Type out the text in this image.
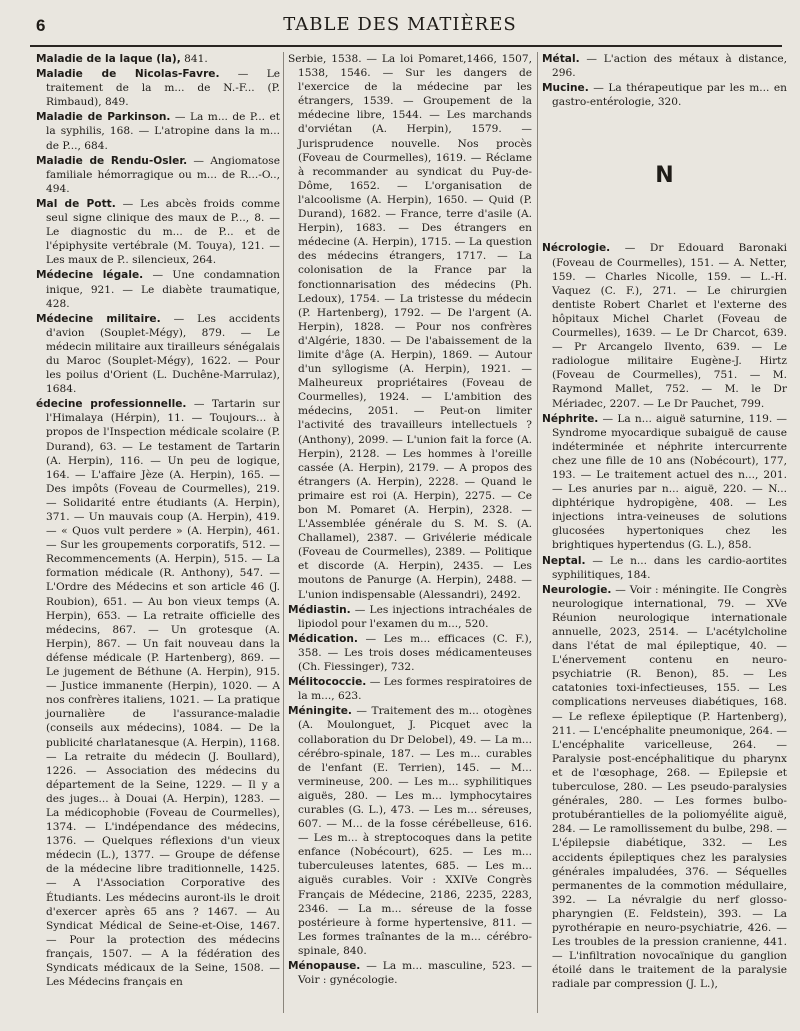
6	TABLE DES MATIÈRES

Maladie de la laque (la), 841.

Maladie de Nicolas-Favre. — Le traitement de la m... de N.-F... (P. Rimbaud), 849.

Maladie de Parkinson. — La m... de P... et la syphilis, 168. — L'atropine dans la m... de P..., 684.

Maladie de Rendu-Osler. — Angiomatose familiale hémorragique ou m... de R...-O.., 494.

Mal de Pott. — Les abcès froids comme seul signe clinique des maux de P..., 8. — Le diagnostic du m... de P... et de l'épiphysite vertébrale (M. Touya), 121. — Les maux de P.. silencieux, 264.

Médecine légale. — Une condamnation inique, 921. — Le diabète traumatique, 428.

Médecine militaire. — Les accidents d'avion (Souplet-Mégy), 879. — Le médecin militaire aux tirailleurs sénégalais du Maroc (Souplet-Mégy), 1622. — Pour les poilus d'Orient (L. Duchêne-Marrulaz), 1684.

édecine professionnelle. — Tartarin sur l'Himalaya (Hérpin), 11. — Toujours... à propos de l'Inspection médicale scolaire (P. Durand), 63. — Le testament de Tartarin (A. Herpin), 116. — Un peu de logique, 164. — L'affaire Jèze (A. Herpin), 165. — Des impôts (Foveau de Courmelles), 219. — Solidarité entre étudiants (A. Herpin), 371. — Un mauvais coup (A. Herpin), 419. — « Quos vult perdere » (A. Herpin), 461. — Sur les groupements corporatifs, 512. — Recommencements (A. Herpin), 515. — La formation médicale (R. Anthony), 547. — L'Ordre des Médecins et son article 46 (J. Roubion), 651. — Au bon vieux temps (A. Herpin), 653. — La retraite officielle des médecins, 867. — Un grotesque (A. Herpin), 867. — Un fait nouveau dans la défense médicale (P. Hartenberg), 869. — Le jugement de Béthune (A. Herpin), 915. — Justice immanente (Herpin), 1020. — A nos confrères italiens, 1021. — La pratique journalière de l'assurance-maladie (conseils aux médecins), 1084. — De la publicité charlatanesque (A. Herpin), 1168. — La retraite du médecin (J. Boullard), 1226. — Association des médecins du département de la Seine, 1229. — Il y a des juges... à Douai (A. Herpin), 1283. — La médicophobie (Foveau de Courmelles), 1374. — L'indépendance des médecins, 1376. — Quelques réflexions d'un vieux médecin (L.), 1377. — Groupe de défense de la médecine libre traditionnelle, 1425. — A l'Association Corporative des Étudiants. Les médecins auront-ils le droit d'exercer après 65 ans ? 1467. — Au Syndicat Médical de Seine-et-Oise, 1467. — Pour la protection des médecins français, 1507. — A la fédération des Syndicats médicaux de la Seine, 1508. — Les Médecins français en

Serbie, 1538. — La loi Pomaret,1466, 1507, 1538, 1546. — Sur les dangers de l'exercice de la médecine par les étrangers, 1539. — Groupement de la médecine libre, 1544. — Les marchands d'orviétan (A. Herpin), 1579. — Jurisprudence nouvelle. Nos procès (Foveau de Courmelles), 1619. — Réclame à recommander au syndicat du Puy-de-Dôme, 1652. — L'organisation de l'alcoolisme (A. Herpin), 1650. — Quid (P. Durand), 1682. — France, terre d'asile (A. Herpin), 1683. — Des étrangers en médecine (A. Herpin), 1715. — La question des médecins étrangers, 1717. — La colonisation de la France par la fonctionnarisation des médecins (Ph. Ledoux), 1754. — La tristesse du médecin (P. Hartenberg), 1792. — De l'argent (A. Herpin), 1828. — Pour nos confrères d'Algérie, 1830. — De l'abaissement de la limite d'âge (A. Herpin), 1869. — Autour d'un syllogisme (A. Herpin), 1921. — Malheureux propriétaires (Foveau de Courmelles), 1924. — L'ambition des médecins, 2051. — Peut-on limiter l'activité des travailleurs intellectuels ? (Anthony), 2099. — L'union fait la force (A. Herpin), 2128. — Les hommes à l'oreille cassée (A. Herpin), 2179. — A propos des étrangers (A. Herpin), 2228. — Quand le primaire est roi (A. Herpin), 2275. — Ce bon M. Pomaret (A. Herpin), 2328. — L'Assemblée générale du S. M. S. (A. Challamel), 2387. — Grivélerie médicale (Foveau de Courmelles), 2389. — Politique et discorde (A. Herpin), 2435. — Les moutons de Panurge (A. Herpin), 2488. — L'union indispensable (Alessandri), 2492.

Médiastin. — Les injections intrachéales de lipiodol pour l'examen du m..., 520.

Médication. — Les m... efficaces (C. F.), 358. — Les trois doses médicamenteuses (Ch. Fiessinger), 732.

Mélitococcie. — Les formes respiratoires de la m..., 623.

Méningite. — Traitement des m... otogènes (A. Moulonguet, J. Picquet avec la collaboration du Dr Delobel), 49. — La m... cérébro-spinale, 187. — Les m... curables de l'enfant (E. Terrien), 145. — M... vermineuse, 200. — Les m... syphilitiques aiguës, 280. — Les m... lymphocytaires curables (G. L.), 473. — Les m... séreuses, 607. — M... de la fosse cérébelleuse, 616. — Les m... à streptocoques dans la petite enfance (Nobécourt), 625. — Les m... tuberculeuses latentes, 685. — Les m... aiguës curables. Voir : XXIVe Congrès Français de Médecine, 2186, 2235, 2283, 2346. — La m... séreuse de la fosse postérieure à forme hypertensive, 811. — Les formes traînantes de la m... cérébro-spinale, 840.

Ménopause. — La m... masculine, 523. — Voir : gynécologie.

Métal. — L'action des métaux à distance, 296.

Mucine. — La thérapeutique par les m... en gastro-entérologie, 320.

N

Nécrologie. — Dr Edouard Baronaki (Foveau de Courmelles), 151. — A. Netter, 159. — Charles Nicolle, 159. — L.-H. Vaquez (C. F.), 271. — Le chirurgien dentiste Robert Charlet et l'externe des hôpitaux Michel Charlet (Foveau de Courmelles), 1639. — Le Dr Charcot, 639. — Pr Arcangelo Ilvento, 639. — Le radiologue militaire Eugène-J. Hirtz (Foveau de Courmelles), 751. — M. Raymond Mallet, 752. — M. le Dr Mériadec, 2207. — Le Dr Pauchet, 799.

Néphrite. — La n... aiguë saturnine, 119. — Syndrome myocardique subaiguë de cause indéterminée et néphrite intercurrente chez une fille de 10 ans (Nobécourt), 177, 193. — Le traitement actuel des n..., 201. — Les anuries par n... aiguë, 220. — N... diphtérique hydropigène, 408. — Les injections intra-veineuses de solutions glucosées hypertoniques chez les brightiques hypertendus (G. L.), 858.

Neptal. — Le n... dans les cardio-aortites syphilitiques, 184.

Neurologie. — Voir : méningite. IIe Congrès neurologique international, 79. — XVe Réunion neurologique internationale annuelle, 2023, 2514. — L'acétylcholine dans l'état de mal épileptique, 40. — L'énervement contenu en neuro-psychiatrie (R. Benon), 85. — Les catatonies toxi-infectieuses, 155. — Les complications nerveuses diabétiques, 168. — Le reflexe épileptique (P. Hartenberg), 211. — L'encéphalite pneumonique, 264. — L'encéphalite varicelleuse, 264. — Paralysie post-encéphalitique du pharynx et de l'œsophage, 268. — Epilepsie et tuberculose, 280. — Les pseudo-paralysies générales, 280. — Les formes bulbo-protubérantielles de la poliomyélite aiguë, 284. — Le ramollissement du bulbe, 298. — L'épilepsie diabétique, 332. — Les accidents épileptiques chez les paralysies générales impaludées, 376. — Séquelles permanentes de la commotion médullaire, 392. — La névralgie du nerf glosso-pharyngien (E. Feldstein), 393. — La pyrothérapie en neuro-psychiatrie, 426. — Les troubles de la pression cranienne, 441. — L'infiltration novocaïnique du ganglion étoilé dans le traitement de la paralysie radiale par compression (J. L.),
